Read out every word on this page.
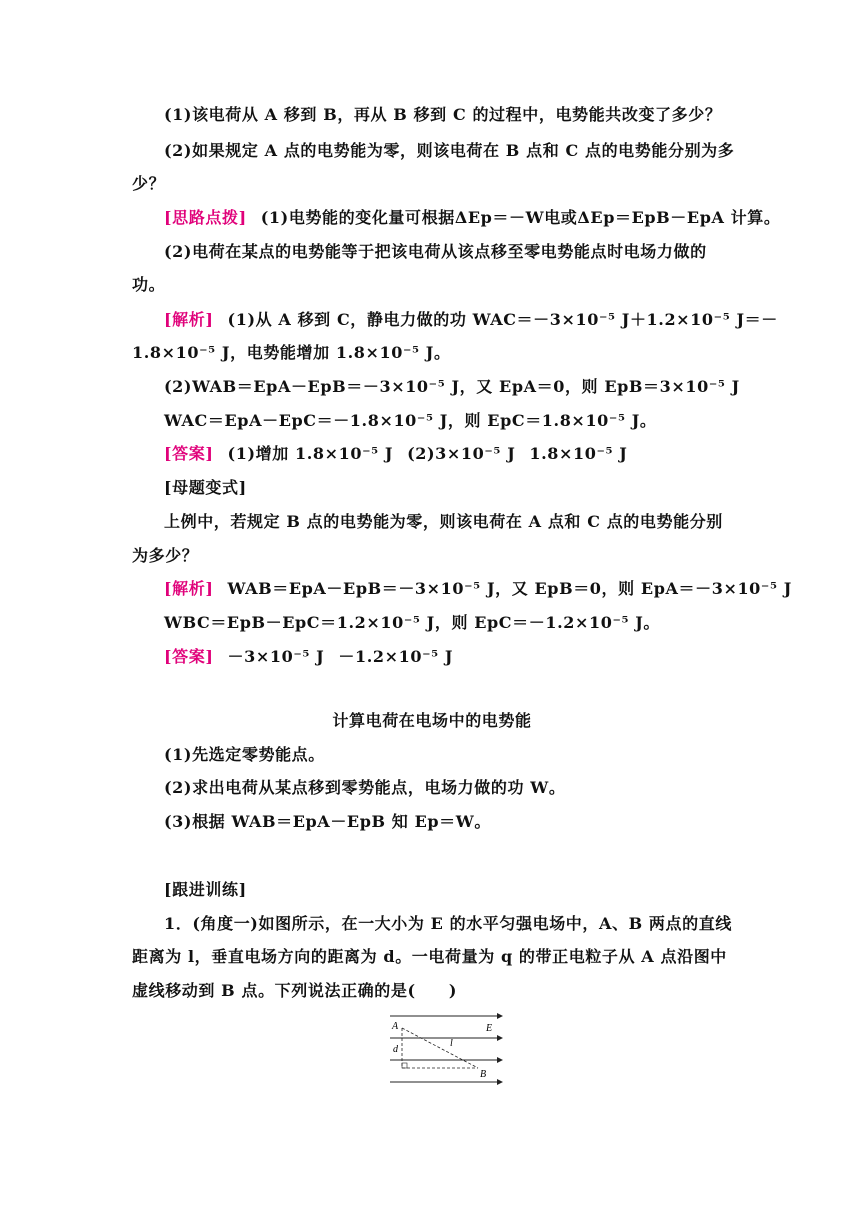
(1)该电荷从 A 移到 B，再从 B 移到 C 的过程中，电势能共改变了多少？
(2)如果规定 A 点的电势能为零，则该电荷在 B 点和 C 点的电势能分别为多
少？
[思路点拨] (1)电势能的变化量可根据ΔEp＝－W电或ΔEp＝EpB－EpA 计算。
(2)电荷在某点的电势能等于把该电荷从该点移至零电势能点时电场力做的
功。
[解析] (1)从 A 移到 C，静电力做的功 WAC＝－3×10⁻⁵ J＋1.2×10⁻⁵ J＝－
1.8×10⁻⁵ J，电势能增加 1.8×10⁻⁵ J。
(2)WAB＝EpA－EpB＝－3×10⁻⁵ J，又 EpA＝0，则 EpB＝3×10⁻⁵ J
WAC＝EpA－EpC＝－1.8×10⁻⁵ J，则 EpC＝1.8×10⁻⁵ J。
[答案] (1)增加 1.8×10⁻⁵ J (2)3×10⁻⁵ J 1.8×10⁻⁵ J
[母题变式]
上例中，若规定 B 点的电势能为零，则该电荷在 A 点和 C 点的电势能分别
为多少？
[解析] WAB＝EpA－EpB＝－3×10⁻⁵ J，又 EpB＝0，则 EpA＝－3×10⁻⁵ J
WBC＝EpB－EpC＝1.2×10⁻⁵ J，则 EpC＝－1.2×10⁻⁵ J。
[答案] －3×10⁻⁵ J －1.2×10⁻⁵ J
计算电荷在电场中的电势能
(1)先选定零势能点。
(2)求出电荷从某点移到零势能点，电场力做的功 W。
(3)根据 WAB＝EpA－EpB 知 Ep＝W。
[跟进训练]
1．(角度一)如图所示，在一大小为 E 的水平匀强电场中，A、B 两点的直线
距离为 l，垂直电场方向的距离为 d。一电荷量为 q 的带正电粒子从 A 点沿图中
虚线移动到 B 点。下列说法正确的是(　　)
A
B
E
d
l
